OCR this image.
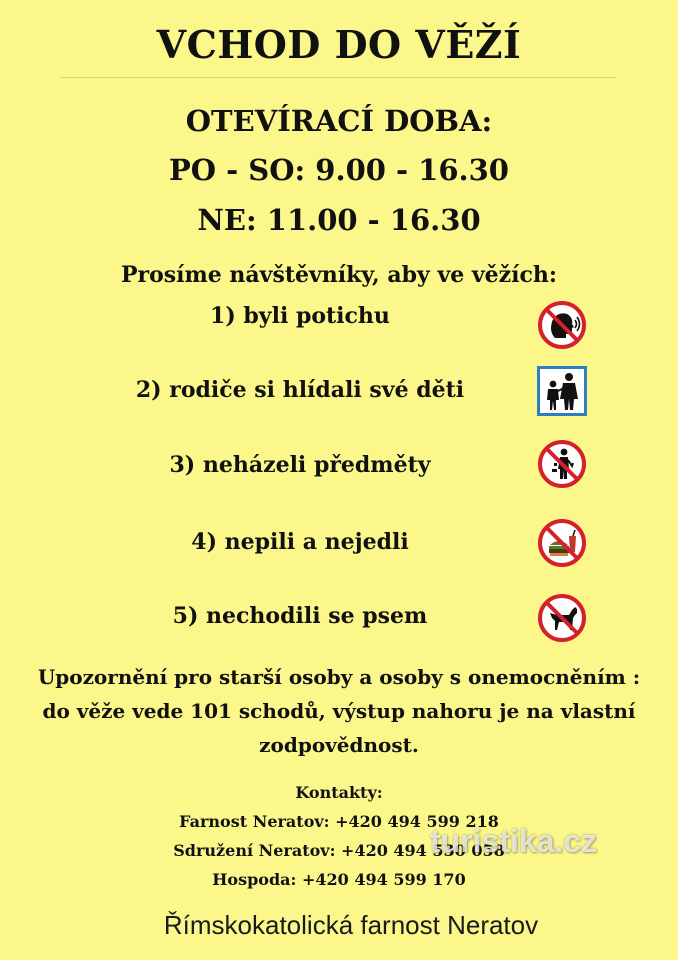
VCHOD DO VĚŽÍ
OTEVÍRACÍ DOBA:
PO - SO: 9.00 - 16.30
NE: 11.00 - 16.30
Prosíme návštěvníky, aby ve věžích:
1) byli potichu
2) rodiče si hlídali své děti
3) neházeli předměty
4) nepili a nejedli
5) nechodili se psem
Upozornění pro starší osoby a osoby s onemocněním :
do věže vede 101 schodů, výstup nahoru je na vlastní
zodpovědnost.
Kontakty:
Farnost Neratov: +420 494 599 218
Sdružení Neratov: +420 494 530 058
Hospoda: +420 494 599 170
turistika.cz
Římskokatolická farnost Neratov
